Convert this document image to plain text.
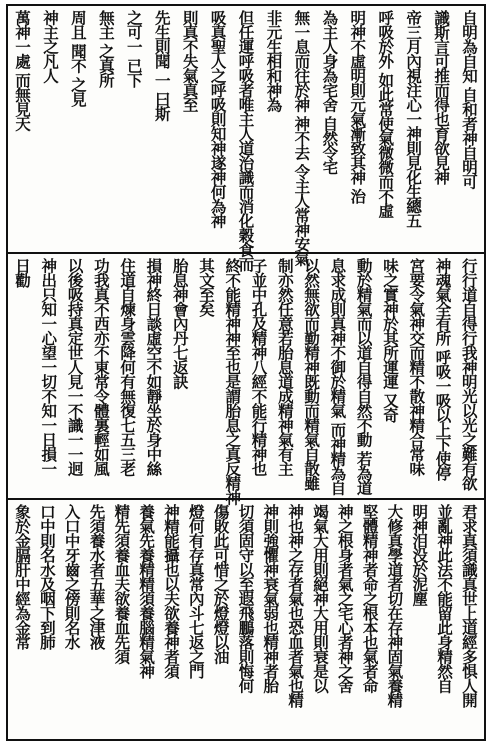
自明為自知 自和者神自明可
識斯言可推而得也育欲見神
帝三月內視注心一神則見化生總五
呼吸於外 如此常使氣微微而不虛
明神不虛明則元氣漸致其神 治
為主人身為宅舍 自然令宅
無一息而往於神 神不去 令主人常神安氣
非元生相和神為
但任運呼吸者唯主人道治識而消化穀食而
吸真聖人之呼吸則知神遂神何為神
則真不失氣真至
先生則聞 一 曰斯
之可一 已下
無主 之真所
周且 聞不 之見
神主之凡人
萬神一處 而無見天
行行道自得行我神明光以光之難有欲
神魂氣全有所 呼吸一吸以上下使停
宮要令氣神交而精不散神精合常味
味之實神於其所運運 又奇
動於精氣而以道自得自然不動 若為道
息求成則真神不御於精氣 而神精為自
以然無欲而勤精神既動而精氣自散雖
制亦然任意若胎息道成精神氣有主
子並中孔及精神八經不能行精神也
終不能精神神至也是謂胎息之真反精神
其文至矣
胎息神會內丹七返訣
損神終日談虛空不如靜坐於身中絲
住道自煉身雲降何有無復七五三老
功我真不西亦不東常令體裏輕如風
以後吸持真定世人見一不識一一迥
神出只知一心望一切不知一日損一
日勸
君求真須識真世上道經多惧人開
並亂神此法不能留此身精然自
明神泪没於泥塵
大修真學道者切在存神固氣養精
堅體精神者命之根本也氣者命
神之根身者氣之宅心者神之舍
竭氣大用則絕神大用則衰是以
神也神之存者氣也恐血者氣也精
神則強懼神衰氣弱也精神者胎
切須固守以至遐飛鵬落則悔何
傷敗此可惜之於燈燈以油
燈何有存真常內斗七返之門
神精能攝也以夫欲養神者須
養氣先養精精須養腦精氣神
精先須養血夫欲養血先須
先須養水者五華之津液
入口中牙齒之傍則名水
口中則名水及咽下到肺
象於金膈肝中經為金常
